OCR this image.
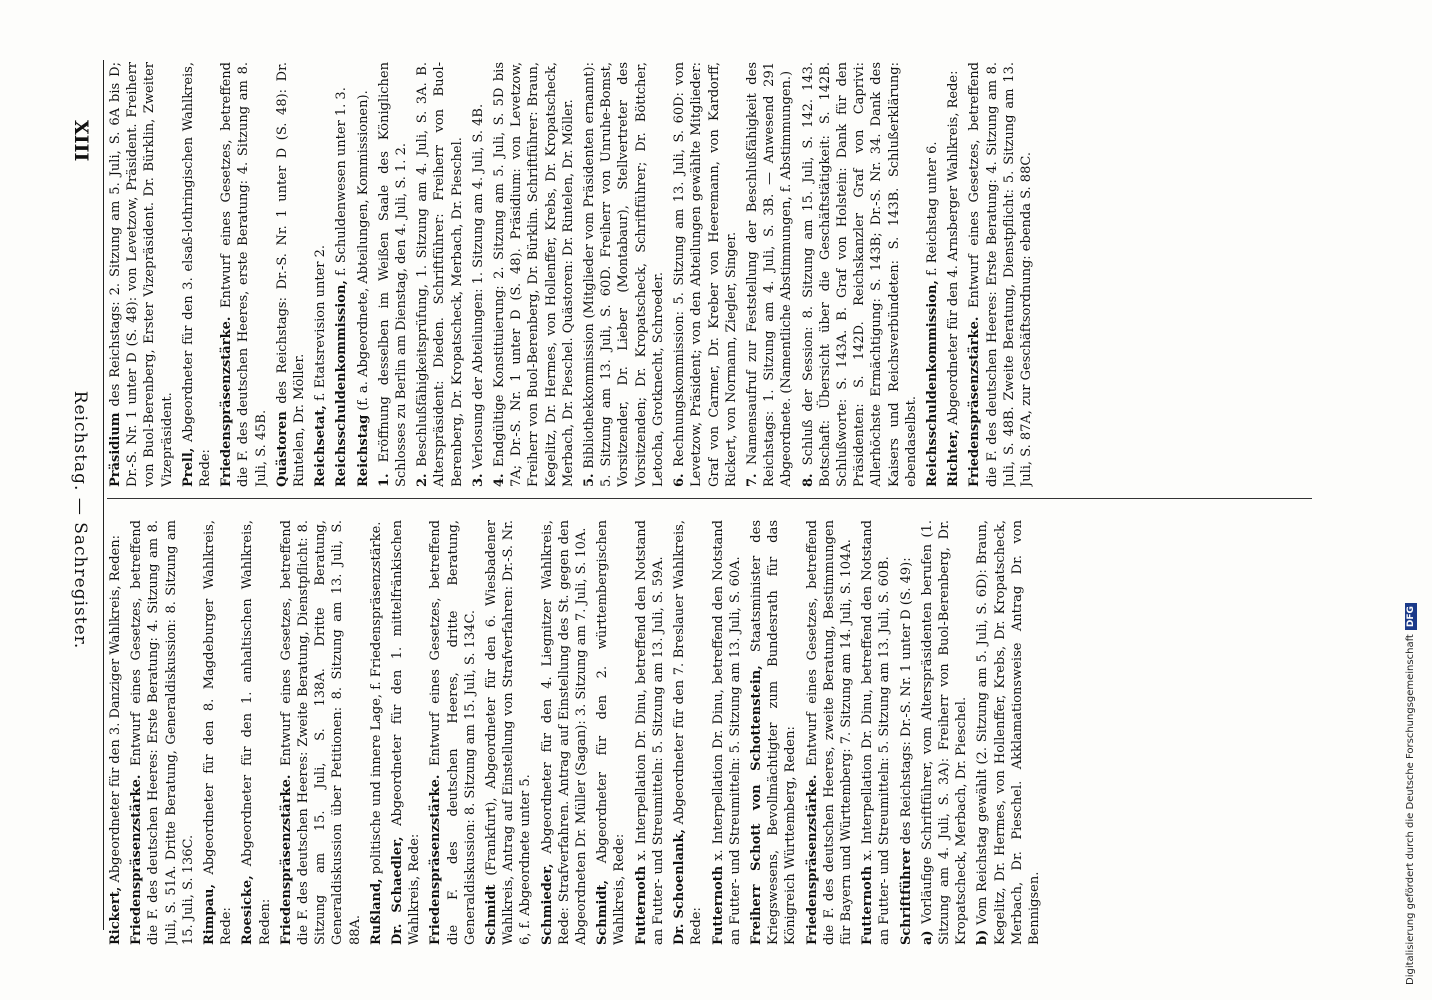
XIII
Reichstag. — Sachregister. Präsidium des Reichstags: 2. Sitzung am 5. Juli, S. 6A bis D; Dr.-S. Nr. 1 unter D (S. 48): von Levetzow, Präsident. Freiherr von Buol-Berenberg, Erster Vizepräsident. Dr. Bürklin, Zweiter Vizepräsident. Prell, Abgeordneter für den 3. elsaß-lothringischen Wahlkreis, Rede: Friedenspräsenzstärke. Entwurf eines Gesetzes, betreffend die F. des deutschen Heeres, erste Beratung: 4. Sitzung am 8. Juli, S. 45B. Quästoren des Reichstags: Dr.-S. Nr. 1 unter D (S. 48): Dr. Rintelen, Dr. Möller. Reichsetat, f. Etatsrevision unter 2. Reichsschuldenkommission, f. Schuldenwesen unter 1. 3.

Reichstag (f. a. Abgeordnete, Abteilungen, Kommissionen).

1. Eröffnung desselben im Weißen Saale des Königlichen Schlosses zu Berlin am Dienstag, den 4. Juli, S. 1. 2. 2. Beschlußfähigkeitsprüfung, 1. Sitzung am 4. Juli, S. 3A. B. Alterspräsident: Dieden. Schriftführer: Freiherr von Buol-Berenberg, Dr. Kropatscheck, Merbach, Dr. Pieschel. 3. Verlosung der Abteilungen: 1. Sitzung am 4. Juli, S. 4B.

4. Endgültige Konstituierung: 2. Sitzung am 5. Juli, S. 5D bis 7A; Dr.-S. Nr. 1 unter D (S. 48). Präsidium: von Levetzow, Freiherr von Buol-Berenberg, Dr. Bürklin. Schriftführer: Braun, Kegelitz, Dr. Hermes, von Hollenffer, Krebs, Dr. Kropatscheck, Merbach, Dr. Pieschel. Quästoren: Dr. Rintelen, Dr. Möller. 5. Bibliothekkommission (Mitglieder vom Präsidenten ernannt): 5. Sitzung am 13. Juli, S. 60D. Freiherr von Unruhe-Bomst, Vorsitzender, Dr. Lieber (Montabaur), Stellvertreter des Vorsitzenden; Dr. Kropatscheck, Schriftführer; Dr. Böttcher, Letocha, Grotknecht, Schroeder. 6. Rechnungskommission: 5. Sitzung am 13. Juli, S. 60D: von Levetzow, Präsident; von den Abteilungen gewählte Mitglieder: Graf von Carmer, Dr. Kreber von Heeremann, von Kardorff, Rickert, von Normann, Ziegler, Singer. 7. Namensaufruf zur Feststellung der Beschlußfähigkeit des Reichstags: 1. Sitzung am 4. Juli, S. 3B. — Anwesend 291 Abgeordnete. (Namentliche Abstimmungen, f. Abstimmungen.) 8. Schluß der Session: 8. Sitzung am 15. Juli, S. 142. 143. Botschaft: Übersicht über die Geschäftstätigkeit: S. 142B. Schlußworte: S. 143A. B. Graf von Holstein: Dank für den Präsidenten: S. 142D. Reichskanzler Graf von Caprivi: Allerhöchste Ermächtigung: S. 143B; Dr.-S. Nr. 34. Dank des Kaisers und Reichsverbündeten: S. 143B. Schlußerklärung: ebendaselbst. Reichsschuldenkommission, f. Reichstag unter 6.

Richter, Abgeordneter für den 4. Arnsberger Wahlkreis, Rede: Friedenspräsenzstärke. Entwurf eines Gesetzes, betreffend die F. des deutschen Heeres: Erste Beratung: 4. Sitzung am 8. Juli, S. 48B. Zweite Beratung, Dienstpflicht: 5. Sitzung am 13. Juli, S. 87A, zur Geschäftsordnung: ebenda S. 88C.

Rickert, Abgeordneter für den 3. Danziger Wahlkreis, Reden: Friedenspräsenzstärke. Entwurf eines Gesetzes, betreffend die F. des deutschen Heeres: Erste Beratung: 4. Sitzung am 8. Juli, S. 51A. Dritte Beratung, Generaldiskussion: 8. Sitzung am 15. Juli, S. 136C. Rimpau, Abgeordneter für den 8. Magdeburger Wahlkreis, Rede: Roesicke, Abgeordneter für den 1. anhaltischen Wahlkreis, Reden: Friedenspräsenzstärke. Entwurf eines Gesetzes, betreffend die F. des deutschen Heeres: Zweite Beratung, Dienstpflicht: 8. Sitzung am 15. Juli, S. 138A. Dritte Beratung, Generaldiskussion über Petitionen: 8. Sitzung am 13. Juli, S. 88A. Rußland, politische und innere Lage, f. Friedenspräsenzstärke.

Dr. Schaedler, Abgeordneter für den 1. mittelfränkischen Wahlkreis, Rede: Friedenspräsenzstärke. Entwurf eines Gesetzes, betreffend die F. des deutschen Heeres, dritte Beratung, Generaldiskussion: 8. Sitzung am 15. Juli, S. 134C. Schmidt (Frankfurt), Abgeordneter für den 6. Wiesbadener Wahlkreis, Antrag auf Einstellung von Strafverfahren: Dr.-S. Nr. 6, f. Abgeordnete unter 5. Schmieder, Abgeordneter für den 4. Liegnitzer Wahlkreis, Rede: Strafverfahren. Antrag auf Einstellung des St. gegen den Abgeordneten Dr. Müller (Sagan): 3. Sitzung am 7. Juli, S. 10A. Schmidt, Abgeordneter für den 2. württembergischen Wahlkreis, Rede: Futternoth x. Interpellation Dr. Dinu, betreffend den Notstand an Futter- und Streumitteln: 5. Sitzung am 13. Juli, S. 59A. Dr. Schoenlank, Abgeordneter für den 7. Breslauer Wahlkreis, Rede: Futternoth x. Interpellation Dr. Dinu, betreffend den Notstand an Futter- und Streumitteln: 5. Sitzung am 13. Juli, S. 60A. Freiherr Schott von Schottenstein, Staatsminister des Kriegswesens, Bevollmächtigter zum Bundesrath für das Königreich Württemberg, Reden: Friedenspräsenzstärke. Entwurf eines Gesetzes, betreffend die F. des deutschen Heeres, zweite Beratung, Bestimmungen für Bayern und Württemberg: 7. Sitzung am 14. Juli, S. 104A. Futternoth x. Interpellation Dr. Dinu, betreffend den Notstand an Futter- und Streumitteln: 5. Sitzung am 13. Juli, S. 60B. Schriftführer des Reichstags: Dr.-S. Nr. 1 unter D (S. 49):

a) Vorläufige Schriftführer, vom Alterspräsidenten berufen (1. Sitzung am 4. Juli, S. 3A): Freiherr von Buol-Berenberg, Dr. Kropatscheck, Merbach, Dr. Pieschel. b) Vom Reichstag gewählt (2. Sitzung am 5. Juli, S. 6D): Braun, Kegelitz, Dr. Hermes, von Hollenffer, Krebs, Dr. Kropatscheck, Merbach, Dr. Pieschel. Akklamationsweise Antrag Dr. von Bennigsen.	Digitalisierung gefördert durch die Deutsche ForschungsgemeinschaftDFG
